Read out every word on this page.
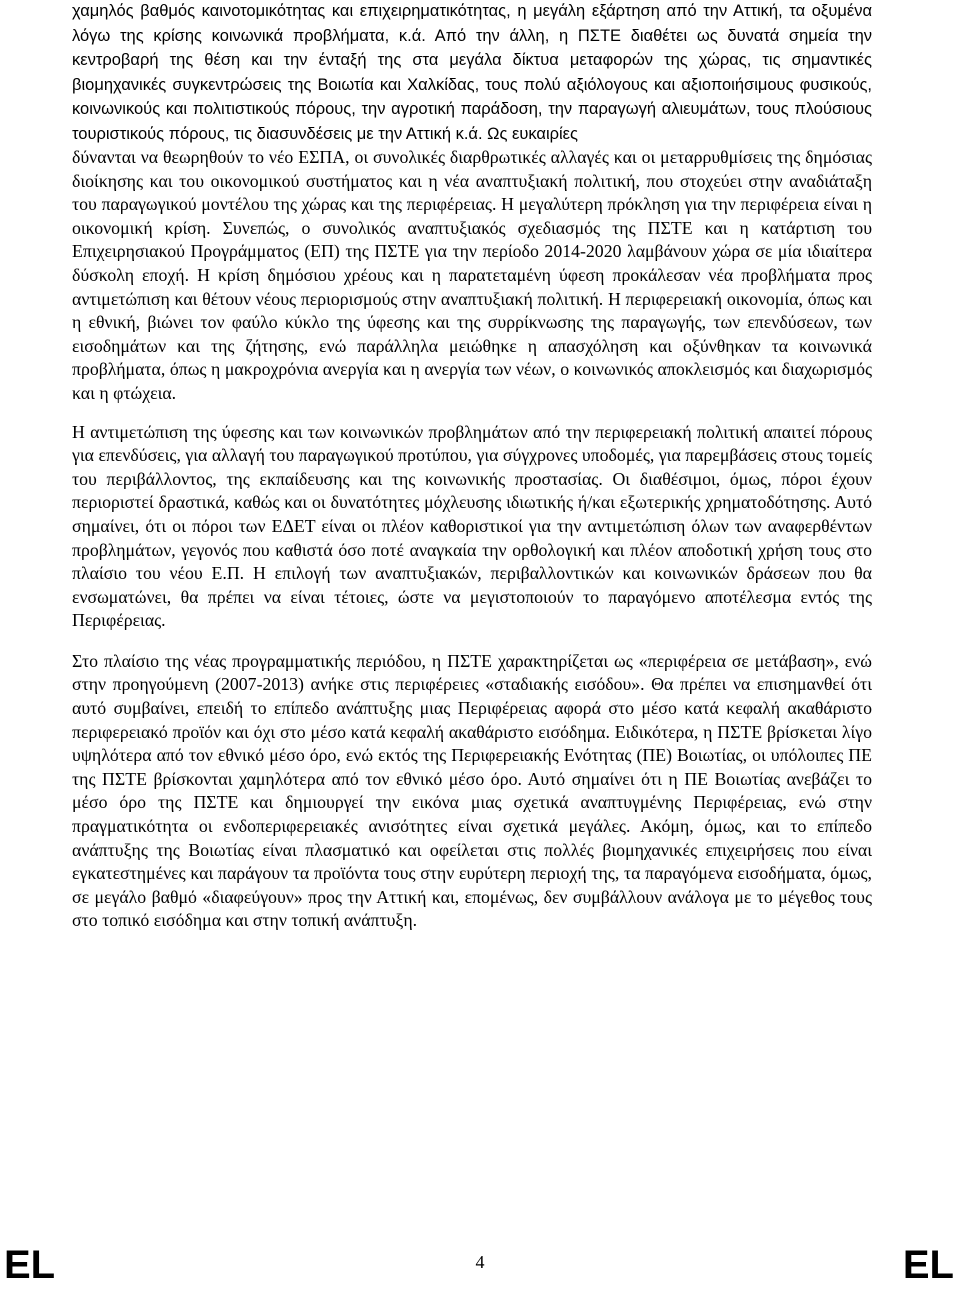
χαμηλός βαθμός καινοτομικότητας και επιχειρηματικότητας, η μεγάλη εξάρτηση από την Αττική, τα οξυμένα λόγω της κρίσης κοινωνικά προβλήματα, κ.ά. Από την άλλη, η ΠΣΤΕ διαθέτει ως δυνατά σημεία την κεντροβαρή της θέση και την ένταξή της στα μεγάλα δίκτυα μεταφορών της χώρας, τις σημαντικές βιομηχανικές συγκεντρώσεις της Βοιωτία και Χαλκίδας, τους πολύ αξιόλογους και αξιοποιήσιμους φυσικούς, κοινωνικούς και πολιτιστικούς πόρους, την αγροτική παράδοση, την παραγωγή αλιευμάτων, τους πλούσιους τουριστικούς πόρους, τις διασυνδέσεις με την Αττική κ.ά. Ως ευκαιρίες

δύνανται να θεωρηθούν το νέο ΕΣΠΑ, οι συνολικές διαρθρωτικές αλλαγές και οι μεταρρυθμίσεις της δημόσιας διοίκησης και του οικονομικού συστήματος και η νέα αναπτυξιακή πολιτική, που στοχεύει στην αναδιάταξη του παραγωγικού μοντέλου της χώρας και της περιφέρειας. Η μεγαλύτερη πρόκληση για την περιφέρεια είναι η οικονομική κρίση. Συνεπώς, ο συνολικός αναπτυξιακός σχεδιασμός της ΠΣΤΕ και η κατάρτιση του Επιχειρησιακού Προγράμματος (ΕΠ) της ΠΣΤΕ για την περίοδο 2014-2020 λαμβάνουν χώρα σε μία ιδιαίτερα δύσκολη εποχή. Η κρίση δημόσιου χρέους και η παρατεταμένη ύφεση προκάλεσαν νέα προβλήματα προς αντιμετώπιση και θέτουν νέους περιορισμούς στην αναπτυξιακή πολιτική. Η περιφερειακή οικονομία, όπως και η εθνική, βιώνει τον φαύλο κύκλο της ύφεσης και της συρρίκνωσης της παραγωγής, των επενδύσεων, των εισοδημάτων και της ζήτησης, ενώ παράλληλα μειώθηκε η απασχόληση και οξύνθηκαν τα κοινωνικά προβλήματα, όπως η μακροχρόνια ανεργία και η ανεργία των νέων, ο κοινωνικός αποκλεισμός και διαχωρισμός και η φτώχεια.

Η αντιμετώπιση της ύφεσης και των κοινωνικών προβλημάτων από την περιφερειακή πολιτική απαιτεί πόρους για επενδύσεις, για αλλαγή του παραγωγικού προτύπου, για σύγχρονες υποδομές, για παρεμβάσεις στους τομείς του περιβάλλοντος, της εκπαίδευσης και της κοινωνικής προστασίας. Οι διαθέσιμοι, όμως, πόροι έχουν περιοριστεί δραστικά, καθώς και οι δυνατότητες μόχλευσης ιδιωτικής ή/και εξωτερικής χρηματοδότησης. Αυτό σημαίνει, ότι οι πόροι των ΕΔΕΤ είναι οι πλέον καθοριστικοί για την αντιμετώπιση όλων των αναφερθέντων προβλημάτων, γεγονός που καθιστά όσο ποτέ αναγκαία την ορθολογική και πλέον αποδοτική χρήση τους στο πλαίσιο του νέου Ε.Π. Η επιλογή των αναπτυξιακών, περιβαλλοντικών και κοινωνικών δράσεων που θα ενσωματώνει, θα πρέπει να είναι τέτοιες, ώστε να μεγιστοποιούν το παραγόμενο αποτέλεσμα εντός της Περιφέρειας.

Στο πλαίσιο της νέας προγραμματικής περιόδου, η ΠΣΤΕ χαρακτηρίζεται ως «περιφέρεια σε μετάβαση», ενώ στην προηγούμενη (2007-2013) ανήκε στις περιφέρειες «σταδιακής εισόδου». Θα πρέπει να επισημανθεί ότι αυτό συμβαίνει, επειδή το επίπεδο ανάπτυξης μιας Περιφέρειας αφορά στο μέσο κατά κεφαλή ακαθάριστο περιφερειακό προϊόν και όχι στο μέσο κατά κεφαλή ακαθάριστο εισόδημα. Ειδικότερα, η ΠΣΤΕ βρίσκεται λίγο υψηλότερα από τον εθνικό μέσο όρο, ενώ εκτός της Περιφερειακής Ενότητας (ΠΕ) Βοιωτίας, οι υπόλοιπες ΠΕ της ΠΣΤΕ βρίσκονται χαμηλότερα από τον εθνικό μέσο όρο. Αυτό σημαίνει ότι η ΠΕ Βοιωτίας ανεβάζει το μέσο όρο της ΠΣΤΕ και δημιουργεί την εικόνα μιας σχετικά αναπτυγμένης Περιφέρειας, ενώ στην πραγματικότητα οι ενδοπεριφερειακές ανισότητες είναι σχετικά μεγάλες. Ακόμη, όμως, και το επίπεδο ανάπτυξης της Βοιωτίας είναι πλασματικό και οφείλεται στις πολλές βιομηχανικές επιχειρήσεις που είναι εγκατεστημένες και παράγουν τα προϊόντα τους στην ευρύτερη περιοχή της, τα παραγόμενα εισοδήματα, όμως, σε μεγάλο βαθμό «διαφεύγουν» προς την Αττική και, επομένως, δεν συμβάλλουν ανάλογα με το μέγεθος τους στο τοπικό εισόδημα και στην τοπική ανάπτυξη.

EL	4	EL
